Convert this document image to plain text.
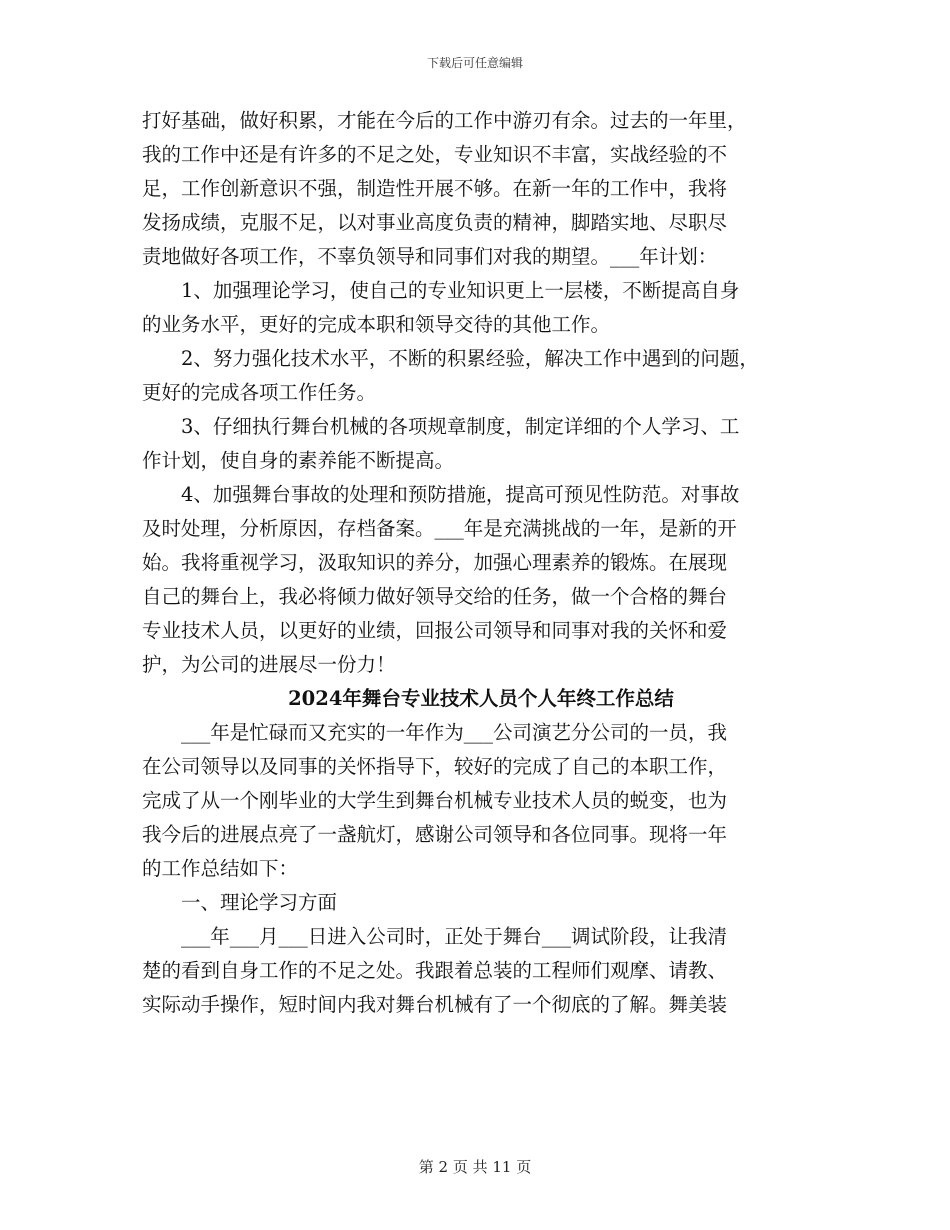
下载后可任意编辑
打好基础，做好积累，才能在今后的工作中游刃有余。过去的一年里，
我的工作中还是有许多的不足之处，专业知识不丰富，实战经验的不
足，工作创新意识不强，制造性开展不够。在新一年的工作中，我将
发扬成绩，克服不足，以对事业高度负责的精神，脚踏实地、尽职尽
责地做好各项工作，不辜负领导和同事们对我的期望。___年计划：
　　1、加强理论学习，使自己的专业知识更上一层楼，不断提高自身
的业务水平，更好的完成本职和领导交待的其他工作。
　　2、努力强化技术水平，不断的积累经验，解决工作中遇到的问题，
更好的完成各项工作任务。
　　3、仔细执行舞台机械的各项规章制度，制定详细的个人学习、工
作计划，使自身的素养能不断提高。
　　4、加强舞台事故的处理和预防措施，提高可预见性防范。对事故
及时处理，分析原因，存档备案。___年是充满挑战的一年，是新的开
始。我将重视学习，汲取知识的养分，加强心理素养的锻炼。在展现
自己的舞台上，我必将倾力做好领导交给的任务，做一个合格的舞台
专业技术人员，以更好的业绩，回报公司领导和同事对我的关怀和爱
护，为公司的进展尽一份力！
2024年舞台专业技术人员个人年终工作总结
　　___年是忙碌而又充实的一年作为___公司演艺分公司的一员，我
在公司领导以及同事的关怀指导下，较好的完成了自己的本职工作，
完成了从一个刚毕业的大学生到舞台机械专业技术人员的蜕变，也为
我今后的进展点亮了一盏航灯，感谢公司领导和各位同事。现将一年
的工作总结如下：
　　一、理论学习方面
　　___年___月___日进入公司时，正处于舞台___调试阶段，让我清
楚的看到自身工作的不足之处。我跟着总装的工程师们观摩、请教、
实际动手操作，短时间内我对舞台机械有了一个彻底的了解。舞美装
第 2 页 共 11 页
